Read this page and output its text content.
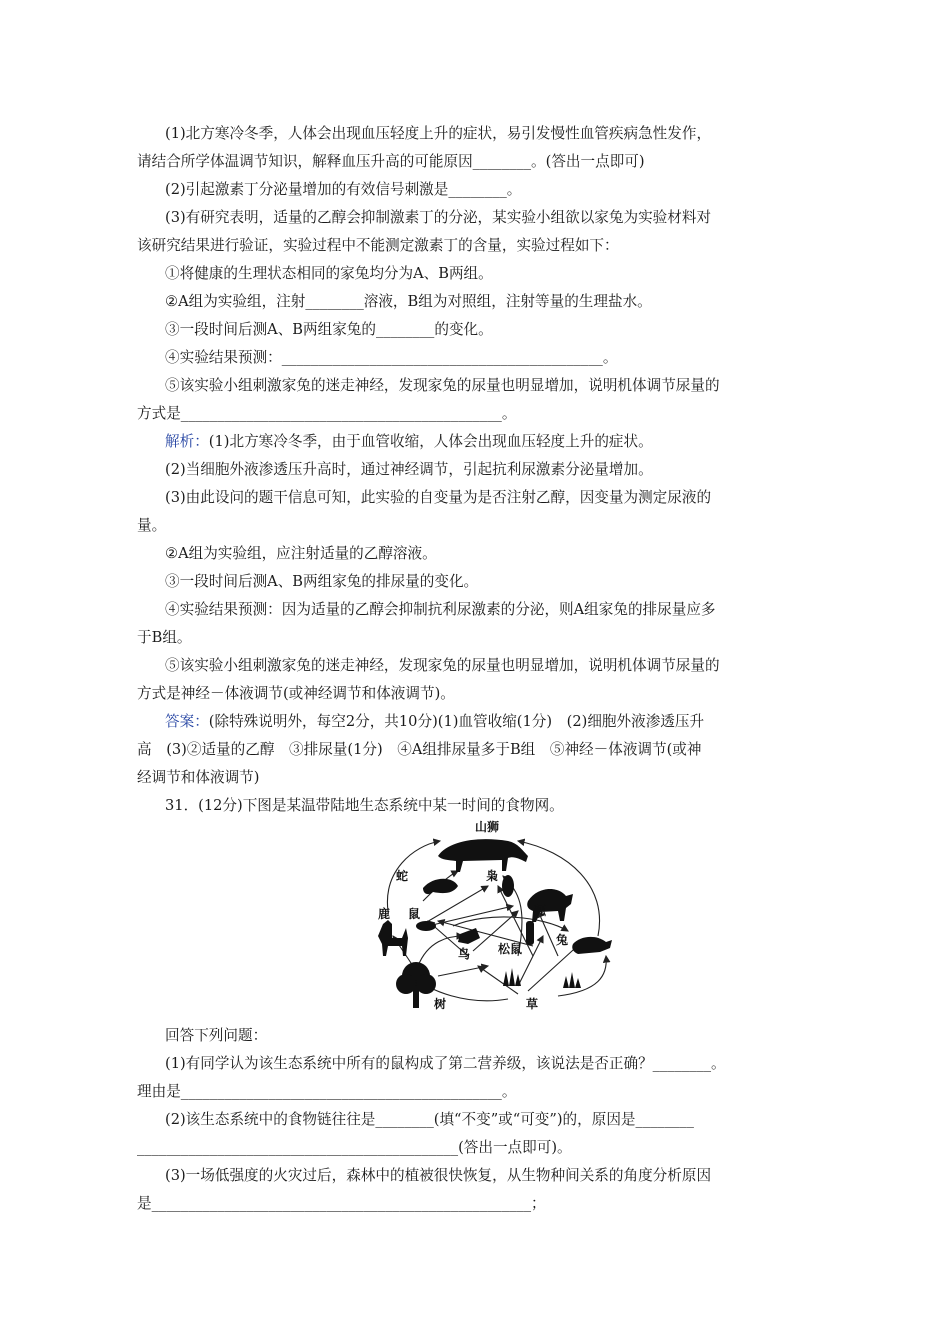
(1)北方寒冷冬季，人体会出现血压轻度上升的症状，易引发慢性血管疾病急性发作，
请结合所学体温调节知识，解释血压升高的可能原因________。(答出一点即可)
(2)引起激素丁分泌量增加的有效信号刺激是________。
(3)有研究表明，适量的乙醇会抑制激素丁的分泌，某实验小组欲以家兔为实验材料对
该研究结果进行验证，实验过程中不能测定激素丁的含量，实验过程如下：
①将健康的生理状态相同的家兔均分为A、B两组。
②A组为实验组，注射________溶液，B组为对照组，注射等量的生理盐水。
③一段时间后测A、B两组家兔的________的变化。
④实验结果预测：____________________________________________。
⑤该实验小组刺激家兔的迷走神经，发现家兔的尿量也明显增加，说明机体调节尿量的
方式是____________________________________________。
解析：(1)北方寒冷冬季，由于血管收缩，人体会出现血压轻度上升的症状。
(2)当细胞外液渗透压升高时，通过神经调节，引起抗利尿激素分泌量增加。
(3)由此设问的题干信息可知，此实验的自变量为是否注射乙醇，因变量为测定尿液的
量。
②A组为实验组，应注射适量的乙醇溶液。
③一段时间后测A、B两组家兔的排尿量的变化。
④实验结果预测：因为适量的乙醇会抑制抗利尿激素的分泌，则A组家兔的排尿量应多
于B组。
⑤该实验小组刺激家兔的迷走神经，发现家兔的尿量也明显增加，说明机体调节尿量的
方式是神经－体液调节(或神经调节和体液调节)。
答案：(除特殊说明外，每空2分，共10分)(1)血管收缩(1分)　(2)细胞外液渗透压升
高　(3)②适量的乙醇　③排尿量(1分)　④A组排尿量多于B组　⑤神经－体液调节(或神
经调节和体液调节)
31．(12分)下图是某温带陆地生态系统中某一时间的食物网。
山狮
蛇	枭
鹿 鼠	狐
鸟 松鼠
兔
树	草
回答下列问题：
(1)有同学认为该生态系统中所有的鼠构成了第二营养级，该说法是否正确？________。
理由是____________________________________________。
(2)该生态系统中的食物链往往是________(填“不变”或“可变”)的，原因是________
____________________________________________(答出一点即可)。
(3)一场低强度的火灾过后，森林中的植被很快恢复，从生物种间关系的角度分析原因
是____________________________________________________；
